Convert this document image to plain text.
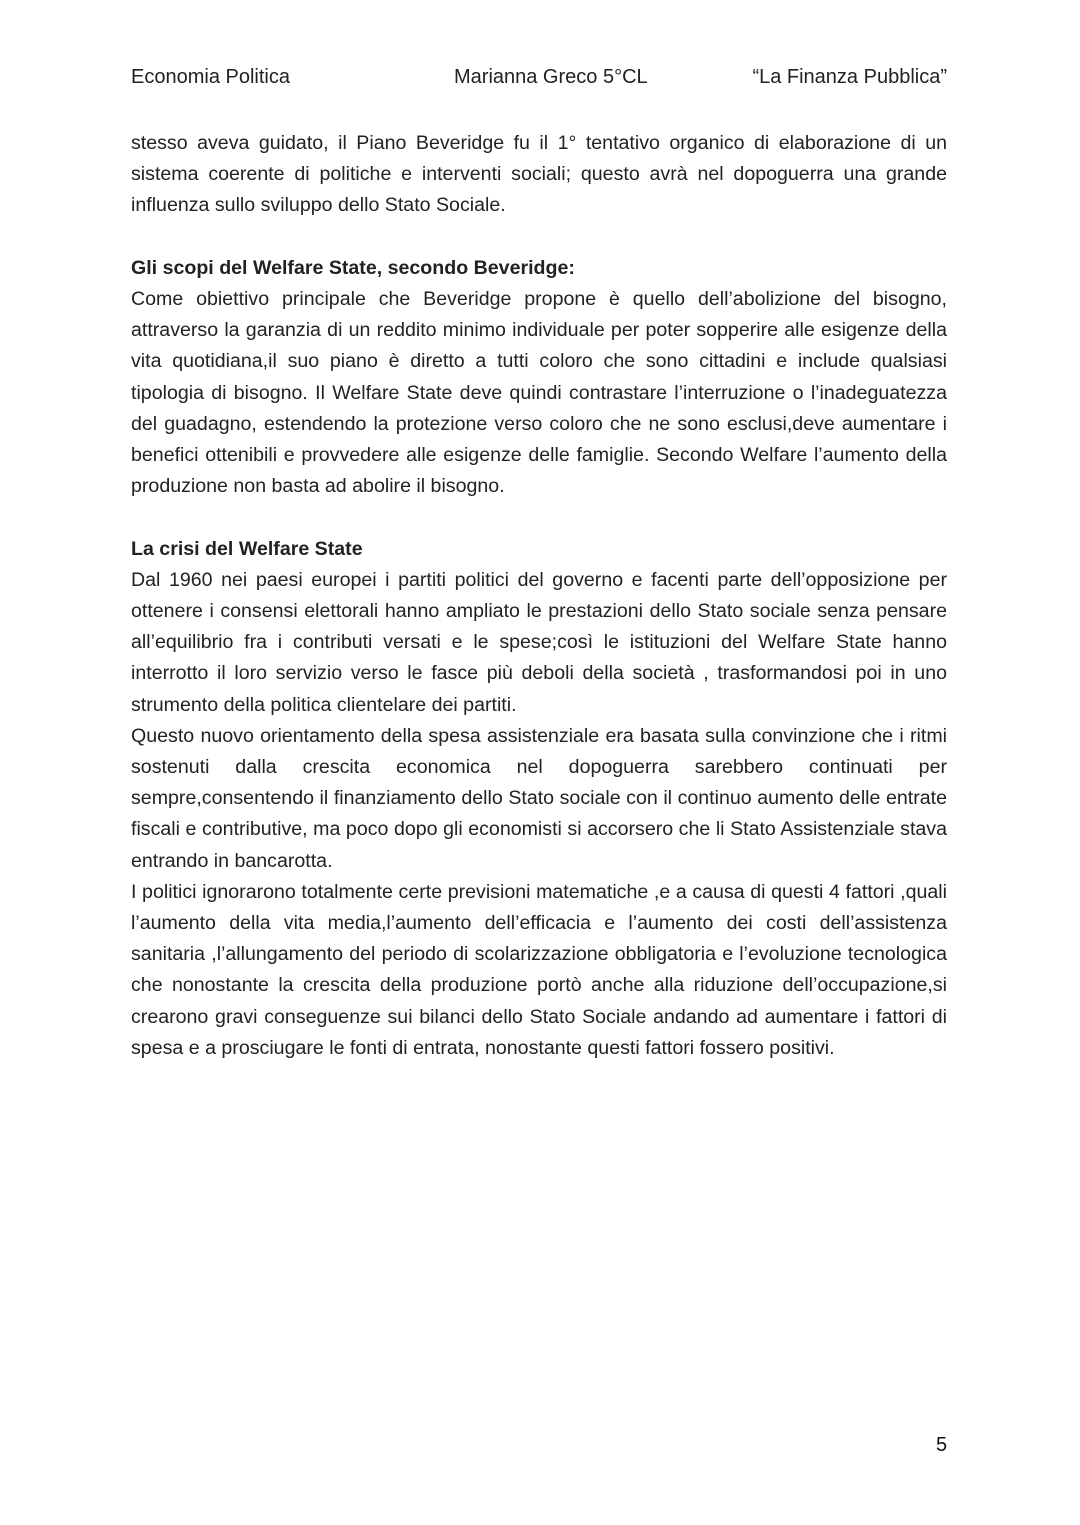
Economia Politica	Marianna Greco 5°CL	“La Finanza Pubblica”

stesso aveva guidato, il Piano Beveridge fu il 1° tentativo organico di elaborazione di un sistema coerente di politiche e interventi sociali; questo avrà nel dopoguerra una grande influenza sullo sviluppo dello Stato Sociale.

Gli scopi del Welfare State, secondo Beveridge:

Come obiettivo principale che Beveridge propone è quello dell’abolizione del bisogno, attraverso la garanzia di un reddito minimo individuale per poter sopperire alle esigenze della vita quotidiana,il suo piano è diretto a tutti coloro che sono cittadini e include qualsiasi tipologia di bisogno. Il Welfare State deve quindi contrastare l’interruzione o l’inadeguatezza del guadagno, estendendo la protezione verso coloro che ne sono esclusi,deve aumentare i benefici ottenibili e provvedere alle esigenze delle famiglie. Secondo Welfare l’aumento della produzione non basta ad abolire il bisogno.

La crisi del Welfare State

Dal 1960 nei paesi europei i partiti politici del governo e facenti parte dell’opposizione per ottenere i consensi elettorali hanno ampliato le prestazioni dello Stato sociale senza pensare all’equilibrio fra i contributi versati e le spese;così le istituzioni del Welfare State hanno interrotto il loro servizio verso le fasce più deboli della società , trasformandosi poi in uno strumento della politica clientelare dei partiti.

Questo nuovo orientamento della spesa assistenziale era basata sulla convinzione che i ritmi sostenuti dalla crescita economica nel dopoguerra sarebbero continuati per sempre,consentendo il finanziamento dello Stato sociale con il continuo aumento delle entrate fiscali e contributive, ma poco dopo gli economisti si accorsero che li Stato Assistenziale stava entrando in bancarotta.

I politici ignorarono totalmente certe previsioni matematiche ,e a causa di questi 4 fattori ,quali l’aumento della vita media,l’aumento dell’efficacia e l’aumento dei costi dell’assistenza sanitaria ,l’allungamento del periodo di scolarizzazione obbligatoria e l’evoluzione tecnologica che nonostante la crescita della produzione portò anche alla riduzione dell’occupazione,si crearono gravi conseguenze sui bilanci dello Stato Sociale andando ad aumentare i fattori di spesa e a prosciugare le fonti di entrata, nonostante questi fattori fossero positivi.

5
